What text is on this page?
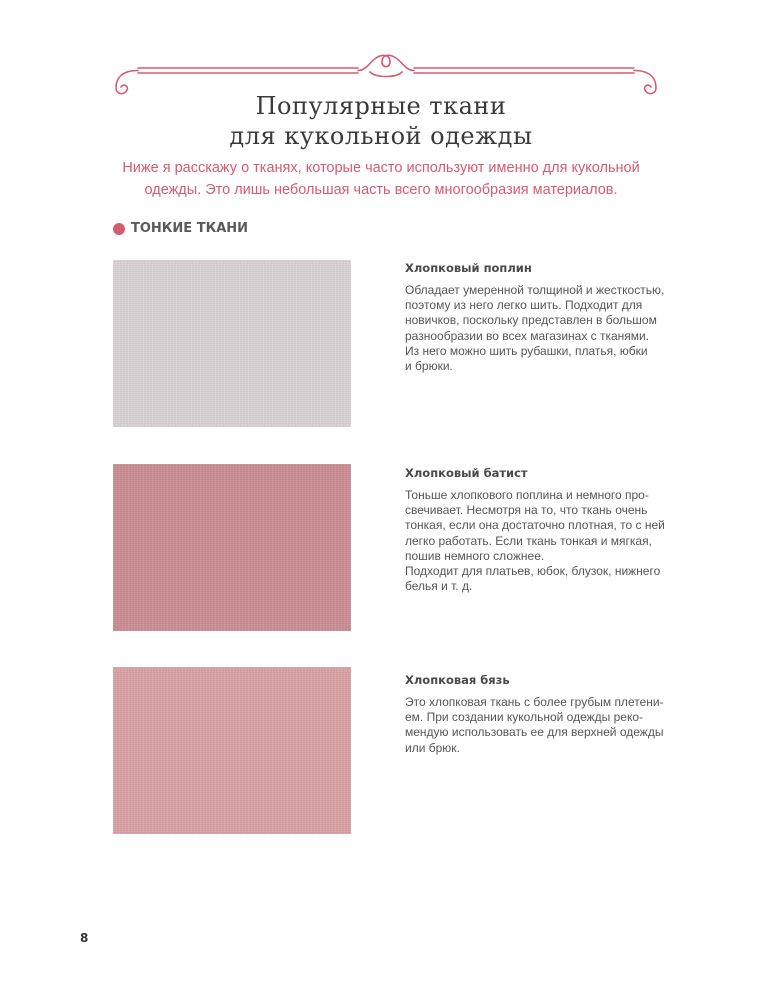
Популярные ткани
для кукольной одежды
Ниже я расскажу о тканях, которые часто используют именно для кукольной
одежды. Это лишь небольшая часть всего многообразия материалов.
ТОНКИЕ ТКАНИ
Хлопковый поплин
Обладает умеренной толщиной и жесткостью,
поэтому из него легко шить. Подходит для
новичков, поскольку представлен в большом
разнообразии во всех магазинах с тканями.
Из него можно шить рубашки, платья, юбки
и брюки.
Хлопковый батист
Тоньше хлопкового поплина и немного про-
свечивает. Несмотря на то, что ткань очень
тонкая, если она достаточно плотная, то с ней
легко работать. Если ткань тонкая и мягкая,
пошив немного сложнее.
Подходит для платьев, юбок, блузок, нижнего
белья и т. д.
Хлопковая бязь
Это хлопковая ткань с более грубым плетени-
ем. При создании кукольной одежды реко-
мендую использовать ее для верхней одежды
или брюк.
8
